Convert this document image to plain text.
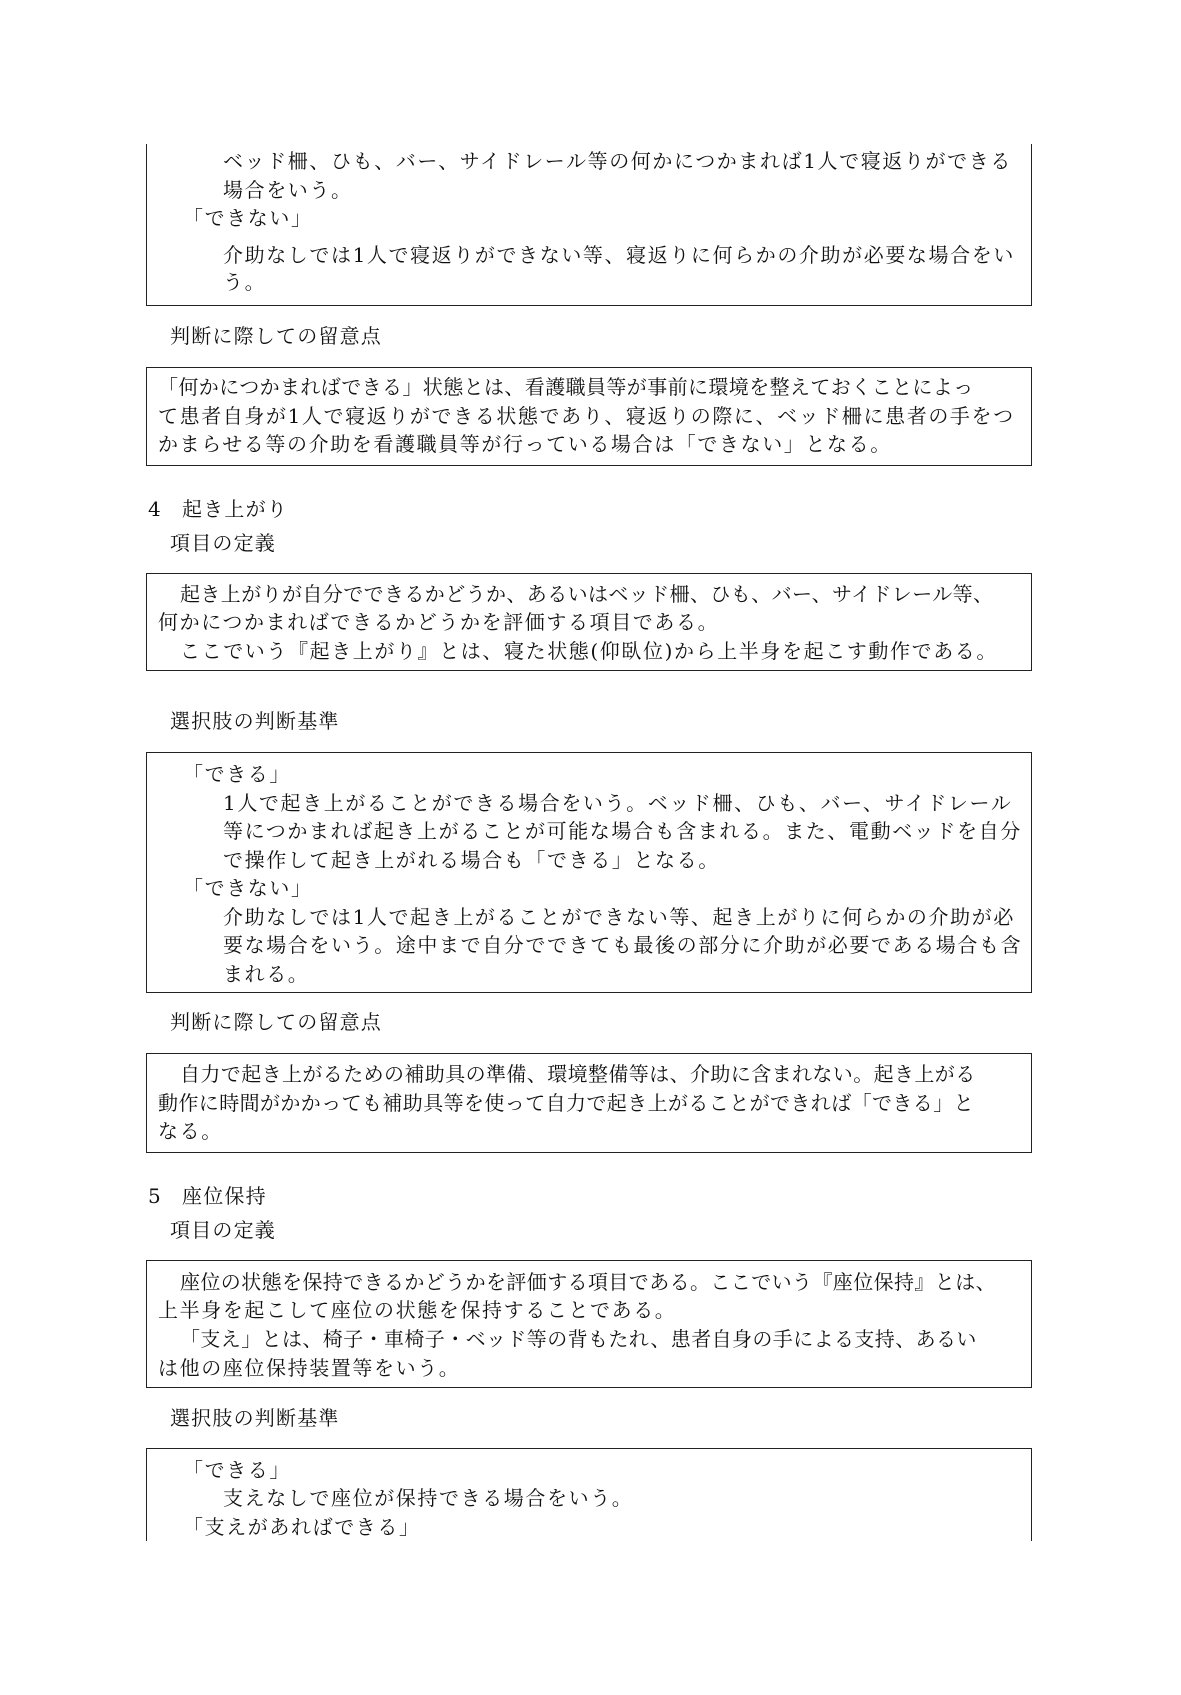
ベッド柵、ひも、バー、サイドレール等の何かにつかまれば1人で寝返りができる
場合をいう。
「できない」
介助なしでは1人で寝返りができない等、寝返りに何らかの介助が必要な場合をい
う。
判断に際しての留意点
「何かにつかまればできる」状態とは、看護職員等が事前に環境を整えておくことによっ
て患者自身が1人で寝返りができる状態であり、寝返りの際に、ベッド柵に患者の手をつ
かまらせる等の介助を看護職員等が行っている場合は「できない」となる。
4 起き上がり
項目の定義
起き上がりが自分でできるかどうか、あるいはベッド柵、ひも、バー、サイドレール等、
何かにつかまればできるかどうかを評価する項目である。
ここでいう『起き上がり』とは、寝た状態(仰臥位)から上半身を起こす動作である。
選択肢の判断基準
「できる」
1人で起き上がることができる場合をいう。ベッド柵、ひも、バー、サイドレール
等につかまれば起き上がることが可能な場合も含まれる。また、電動ベッドを自分
で操作して起き上がれる場合も「できる」となる。
「できない」
介助なしでは1人で起き上がることができない等、起き上がりに何らかの介助が必
要な場合をいう。途中まで自分でできても最後の部分に介助が必要である場合も含
まれる。
判断に際しての留意点
自力で起き上がるための補助具の準備、環境整備等は、介助に含まれない。起き上がる
動作に時間がかかっても補助具等を使って自力で起き上がることができれば「できる」と
なる。
5 座位保持
項目の定義
座位の状態を保持できるかどうかを評価する項目である。ここでいう『座位保持』とは、
上半身を起こして座位の状態を保持することである。
「支え」とは、椅子・車椅子・ベッド等の背もたれ、患者自身の手による支持、あるい
は他の座位保持装置等をいう。
選択肢の判断基準
「できる」
支えなしで座位が保持できる場合をいう。
「支えがあればできる」
